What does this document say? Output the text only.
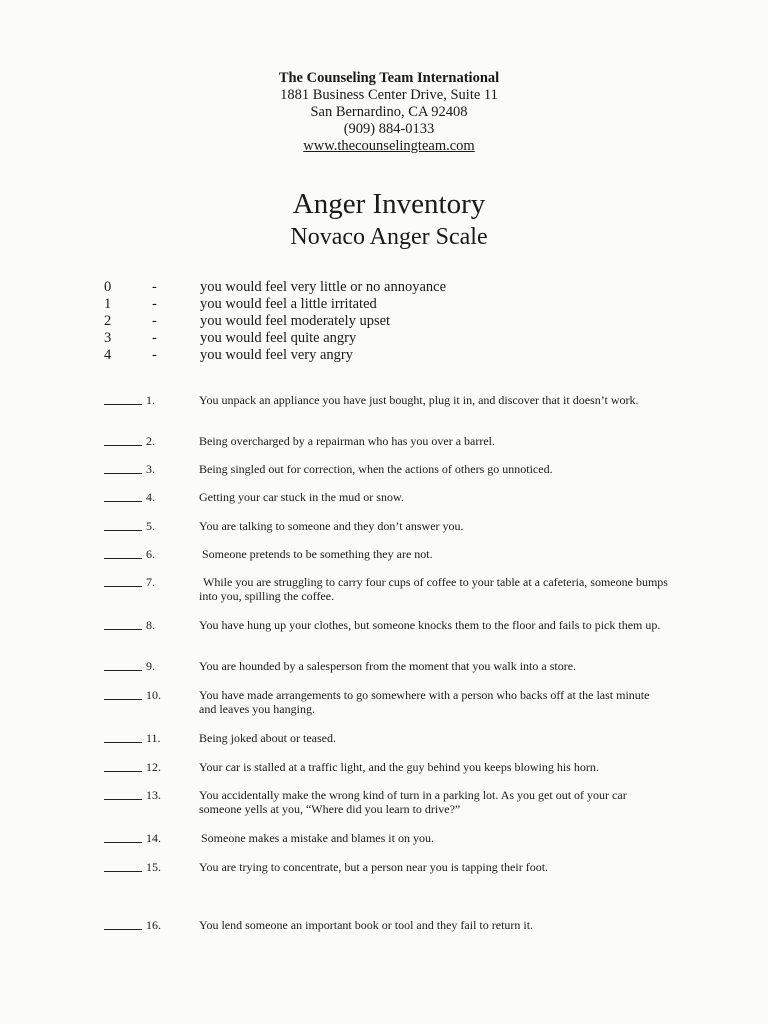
The Counseling Team International
1881 Business Center Drive, Suite 11
San Bernardino, CA 92408
(909) 884-0133
www.thecounselingteam.com
Anger Inventory
Novaco Anger Scale
0	-	you would feel very little or no annoyance
1	-	you would feel a little irritated
2	-	you would feel moderately upset
3	-	you would feel quite angry
4	-	you would feel very angry
1.	You unpack an appliance you have just bought, plug it in, and discover that it doesn’t work.
2.	Being overcharged by a repairman who has you over a barrel.
3.	Being singled out for correction, when the actions of others go unnoticed.
4.	Getting your car stuck in the mud or snow.
5.	You are talking to someone and they don’t answer you.
6.	Someone pretends to be something they are not.
7.	While you are struggling to carry four cups of coffee to your table at a cafeteria, someone bumps into you, spilling the coffee.
8.	You have hung up your clothes, but someone knocks them to the floor and fails to pick them up.
9.	You are hounded by a salesperson from the moment that you walk into a store.
10.	You have made arrangements to go somewhere with a person who backs off at the last minute and leaves you hanging.
11.	Being joked about or teased.
12.	Your car is stalled at a traffic light, and the guy behind you keeps blowing his horn.
13.	You accidentally make the wrong kind of turn in a parking lot. As you get out of your car someone yells at you, “Where did you learn to drive?”
14.	Someone makes a mistake and blames it on you.
15.	You are trying to concentrate, but a person near you is tapping their foot.
16.	You lend someone an important book or tool and they fail to return it.
